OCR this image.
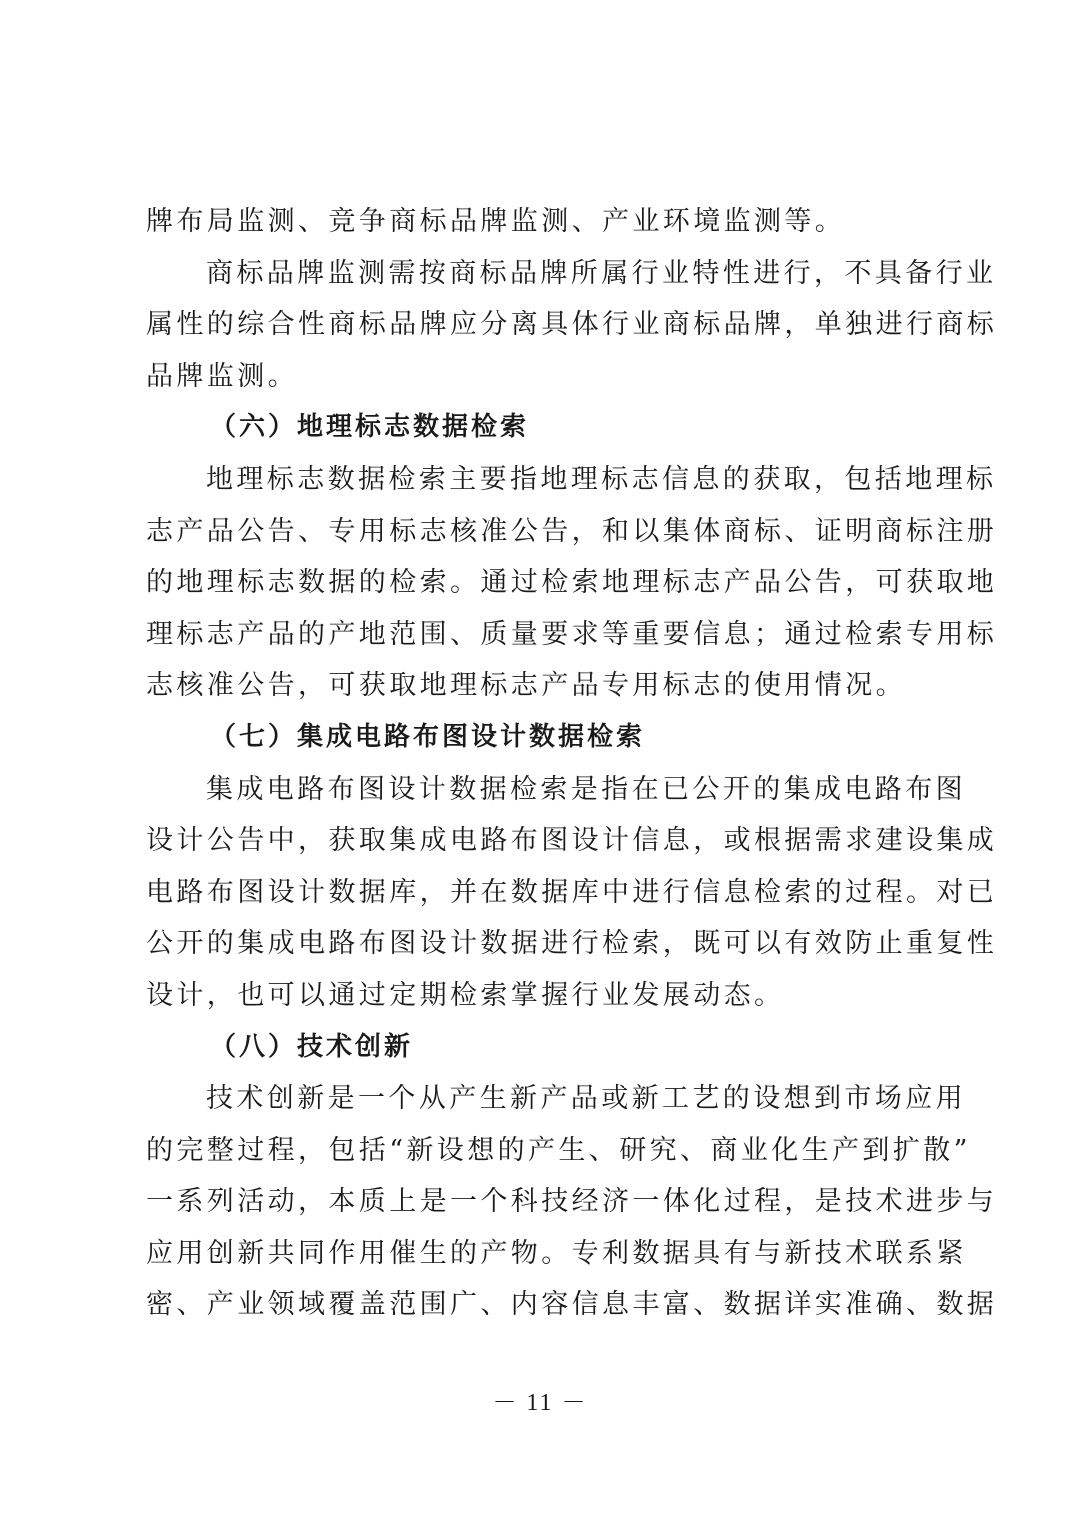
牌布局监测、竞争商标品牌监测、产业环境监测等。
商标品牌监测需按商标品牌所属行业特性进行，不具备行业
属性的综合性商标品牌应分离具体行业商标品牌，单独进行商标
品牌监测。
（六）地理标志数据检索
地理标志数据检索主要指地理标志信息的获取，包括地理标
志产品公告、专用标志核准公告，和以集体商标、证明商标注册
的地理标志数据的检索。通过检索地理标志产品公告，可获取地
理标志产品的产地范围、质量要求等重要信息；通过检索专用标
志核准公告，可获取地理标志产品专用标志的使用情况。
（七）集成电路布图设计数据检索
集成电路布图设计数据检索是指在已公开的集成电路布图
设计公告中，获取集成电路布图设计信息，或根据需求建设集成
电路布图设计数据库，并在数据库中进行信息检索的过程。对已
公开的集成电路布图设计数据进行检索，既可以有效防止重复性
设计，也可以通过定期检索掌握行业发展动态。
（八）技术创新
技术创新是一个从产生新产品或新工艺的设想到市场应用
的完整过程，包括“新设想的产生、研究、商业化生产到扩散”
一系列活动，本质上是一个科技经济一体化过程，是技术进步与
应用创新共同作用催生的产物。专利数据具有与新技术联系紧
密、产业领域覆盖范围广、内容信息丰富、数据详实准确、数据
－ 11 －
